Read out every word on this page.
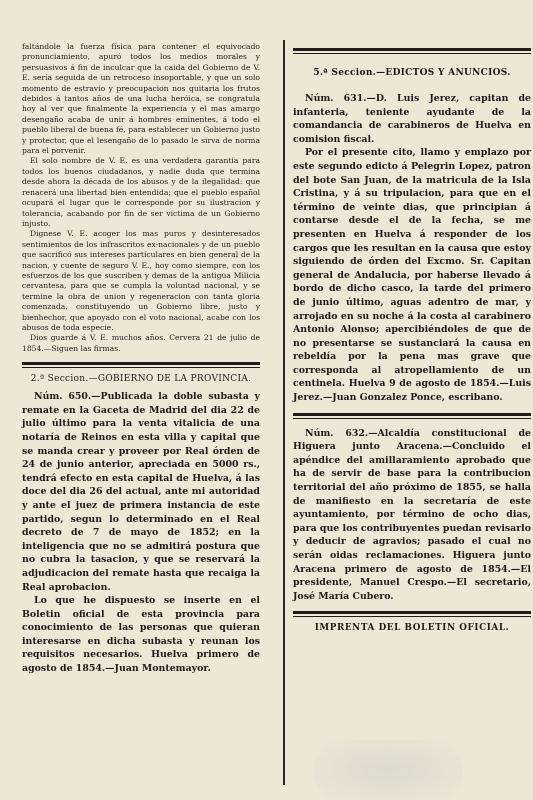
faltándole la fuerza física para contener el equivocado pronunciamiento, apuró todos los medios morales y persuasivos á fin de inculcar que la caida del Gobierno de V. E. sería seguida de un retroceso insoportable, y que un solo momento de estravio y preocupacion nos quitaria los frutos debidos á tantos años de una lucha heróica, se congratula hoy al ver que finalmente la experiencia y el mas amargo desengaño acaba de unir á hombres eminentes, á todo el pueblo liberal de buena fé, para establecer un Gobierno justo y protector, que el lesengaño de lo pasado le sirva de norma para el porvenir.

El solo nombre de V. E. es una verdadera garantia para todos los buenos ciudadanos, y nadie duda que termina desde ahora la década de los abusos y de la ilegalidad: que renacerá una libertad bien entendida; que el pueblo español ocupará el lugar que le corresponde por su ilustracion y tolerancia, acabando por fin de ser víctima de un Gobierno injusto.

Dignese V. E. acoger los mas puros y desinteresados sentimientos de los infrascritos ex-nacionales y de un pueblo que sacrificó sus intereses particulares en bien general de la nacion, y cuente de seguro V. E., hoy como siempre, con los esfuerzos de los que suscriben y demas de la antigua Milicia cervantesa, para que se cumpla la voluntad nacional, y se termine la obra de union y regeneracion con tanta gloria comenzada, constituyendo un Gobierno libre, justo y bienhechor, que apoyado con el voto nacional, acabe con los abusos de toda especie.

Dios guarde á V. E. muchos años. Cervera 21 de julio de 1854.—Siguen las firmas.

2.ª Seccion.—GOBIERNO DE LA PROVINCIA.

Núm. 650.—Publicada la doble subasta y remate en la Gaceta de Madrid del dia 22 de julio último para la venta vitalicia de una notaría de Reinos en esta villa y capital que se manda crear y proveer por Real órden de 24 de junio anterior, apreciada en 5000 rs., tendrá efecto en esta capital de Huelva, á las doce del dia 26 del actual, ante mi autoridad y ante el juez de primera instancia de este partido, segun lo determinado en el Real decreto de 7 de mayo de 1852; en la inteligencia que no se admitirá postura que no cubra la tasacion, y que se reservará la adjudicacion del remate hasta que recaiga la Real aprobacion.

Lo que he dispuesto se inserte en el Boletin oficial de esta provincia para conocimiento de las personas que quieran interesarse en dicha subasta y reunan los requisitos necesarios. Huelva primero de agosto de 1854.—Juan Montemayor.

5.ª Seccion.—EDICTOS Y ANUNCIOS.

Núm. 631.—D. Luis Jerez, capitan de infanteria, teniente ayudante de la comandancia de carabineros de Huelva en comision fiscal.

Por el presente cito, llamo y emplazo por este segundo edicto á Pelegrin Lopez, patron del bote San Juan, de la matricula de la Isla Cristina, y á su tripulacion, para que en el término de veinte dias, que principian á contarse desde el de la fecha, se me presenten en Huelva á responder de los cargos que les resultan en la causa que estoy siguiendo de órden del Excmo. Sr. Capitan general de Andalucia, por haberse llevado á bordo de dicho casco, la tarde del primero de junio último, aguas adentro de mar, y arrojado en su noche á la costa al carabinero Antonio Alonso; apercibiéndoles de que de no presentarse se sustanciará la causa en rebeldía por la pena mas grave que corresponda al atropellamiento de un centinela. Huelva 9 de agosto de 1854.—Luis Jerez.—Juan Gonzalez Ponce, escribano.

Núm. 632.—Alcaldía constitucional de Higuera junto Aracena.—Concluido el apéndice del amillaramiento aprobado que ha de servir de base para la contribucion territorial del año próximo de 1855, se halla de manifiesto en la secretaría de este ayuntamiento, por término de ocho dias, para que los contribuyentes puedan revisarlo y deducir de agravios; pasado el cual no serán oidas reclamaciones. Higuera junto Aracena primero de agosto de 1854.—El presidente, Manuel Crespo.—El secretario, José María Cubero.

IMPRENTA DEL BOLETIN OFICIAL.
